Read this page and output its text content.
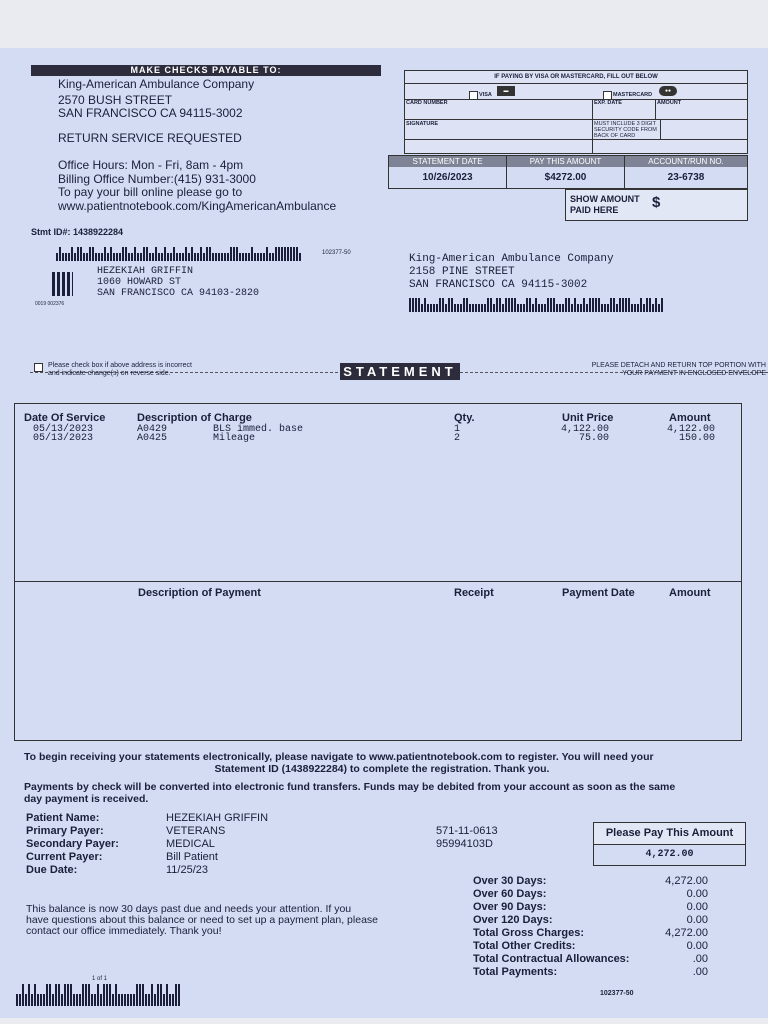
MAKE CHECKS PAYABLE TO:
King-American Ambulance Company
2570 BUSH STREET
SAN FRANCISCO CA 94115-3002
RETURN SERVICE REQUESTED
Office Hours: Mon - Fri, 8am - 4pm
Billing Office Number:(415) 931-3000
To pay your bill online please go to
www.patientnotebook.com/KingAmericanAmbulance
IF PAYING BY VISA OR MASTERCARD, FILL OUT BELOW
VISA
▬
MASTERCARD
●●
CARD NUMBER	EXP. DATE	AMOUNT
SIGNATURE	MUST INCLUDE 3 DIGIT SECURITY CODE FROM BACK OF CARD
STATEMENT DATE	PAY THIS AMOUNT	ACCOUNT/RUN NO.
10/26/2023	$4272.00	23-6738
SHOW AMOUNT PAID HERE	$
Stmt ID#: 1438922284
102377-50
HEZEKIAH GRIFFIN
1060 HOWARD ST
SAN FRANCISCO CA 94103-2820
0019 002376
King-American Ambulance Company
2158 PINE STREET
SAN FRANCISCO CA 94115-3002
Please check box if above address is incorrect
and indicate change(s) on reverse side.	STATEMENT	PLEASE DETACH AND RETURN TOP PORTION WITH
YOUR PAYMENT IN ENCLOSED ENVELOPE
Date Of Service	Description of Charge	Qty.	Unit Price	Amount
05/13/2023	A0429	BLS immed. base	1	4,122.00	4,122.00
05/13/2023	A0425	Mileage	2	75.00	150.00
Description of Payment	Receipt	Payment Date	Amount
To begin receiving your statements electronically, please navigate to www.patientnotebook.com to register. You will need your
Statement ID (1438922284) to complete the registration. Thank you.
Payments by check will be converted into electronic fund transfers. Funds may be debited from your account as soon as the same
day payment is received.
Patient Name:	HEZEKIAH GRIFFIN
Primary Payer:	VETERANS	571-11-0613
Secondary Payer:	MEDICAL	95994103D
Current Payer:	Bill Patient
Due Date:	11/25/23
Please Pay This Amount
4,272.00
This balance is now 30 days past due and needs your attention. If you
have questions about this balance or need to set up a payment plan, please
contact our office immediately. Thank you!
Over 30 Days:	4,272.00
Over 60 Days:	0.00
Over 90 Days:	0.00
Over 120 Days:	0.00
Total Gross Charges:	4,272.00
Total Other Credits:	0.00
Total Contractual Allowances:	.00
Total Payments:	.00
1 of 1
102377-50
